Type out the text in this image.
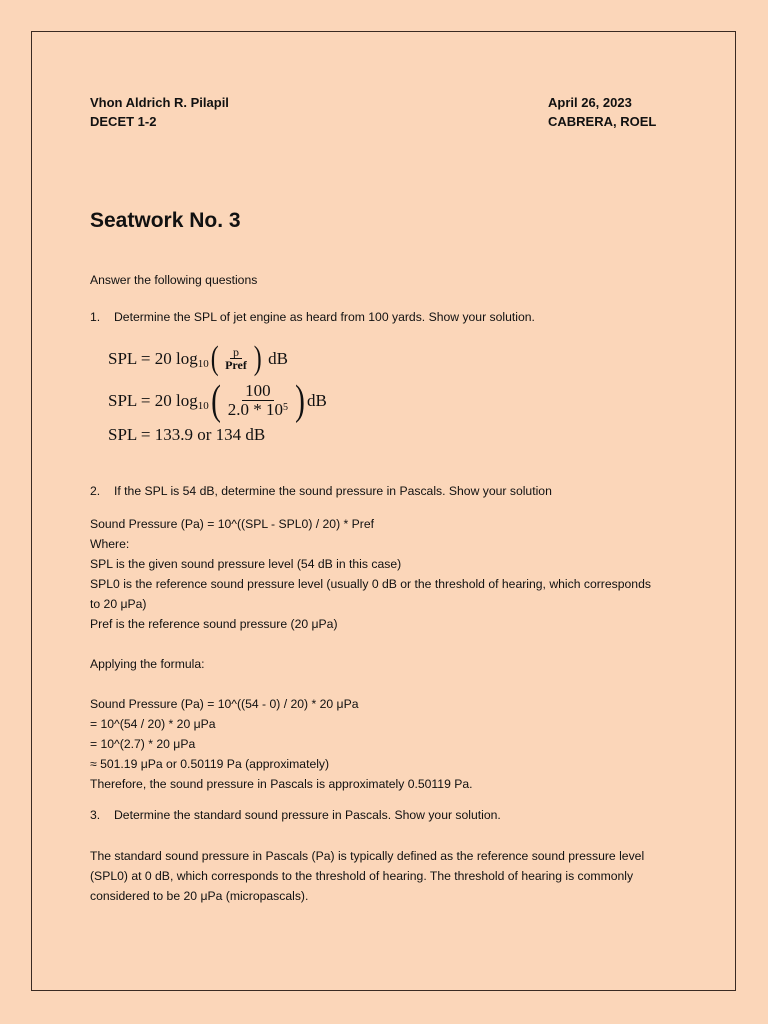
Vhon Aldrich R. Pilapil
DECET 1-2
April 26, 2023
CABRERA, ROEL
Seatwork No. 3
Answer the following questions
1. Determine the SPL of jet engine as heard from 100 yards. Show your solution.
SPL = 20 log 10 ( $\frac{p}{\text{Pref}}$ ) dB
SPL = 20 log 10 ( $\frac{100}{2.0 * 10^5}$ ) dB
SPL = 133.9 or 134 dB
2. If the SPL is 54 dB, determine the sound pressure in Pascals. Show your solution
Sound Pressure (Pa) = 10^((SPL - SPL0) / 20) * Pref
Where:
SPL is the given sound pressure level (54 dB in this case)
SPL0 is the reference sound pressure level (usually 0 dB or the threshold of hearing, which corresponds
to 20 μPa)
Pref is the reference sound pressure (20 μPa)
Applying the formula:
Sound Pressure (Pa) = 10^((54 - 0) / 20) * 20 μPa
= 10^(54 / 20) * 20 μPa
= 10^(2.7) * 20 μPa
≈ 501.19 μPa or 0.50119 Pa (approximately)
Therefore, the sound pressure in Pascals is approximately 0.50119 Pa.
3. Determine the standard sound pressure in Pascals. Show your solution.
The standard sound pressure in Pascals (Pa) is typically defined as the reference sound pressure level
(SPL0) at 0 dB, which corresponds to the threshold of hearing. The threshold of hearing is commonly
considered to be 20 μPa (micropascals).
